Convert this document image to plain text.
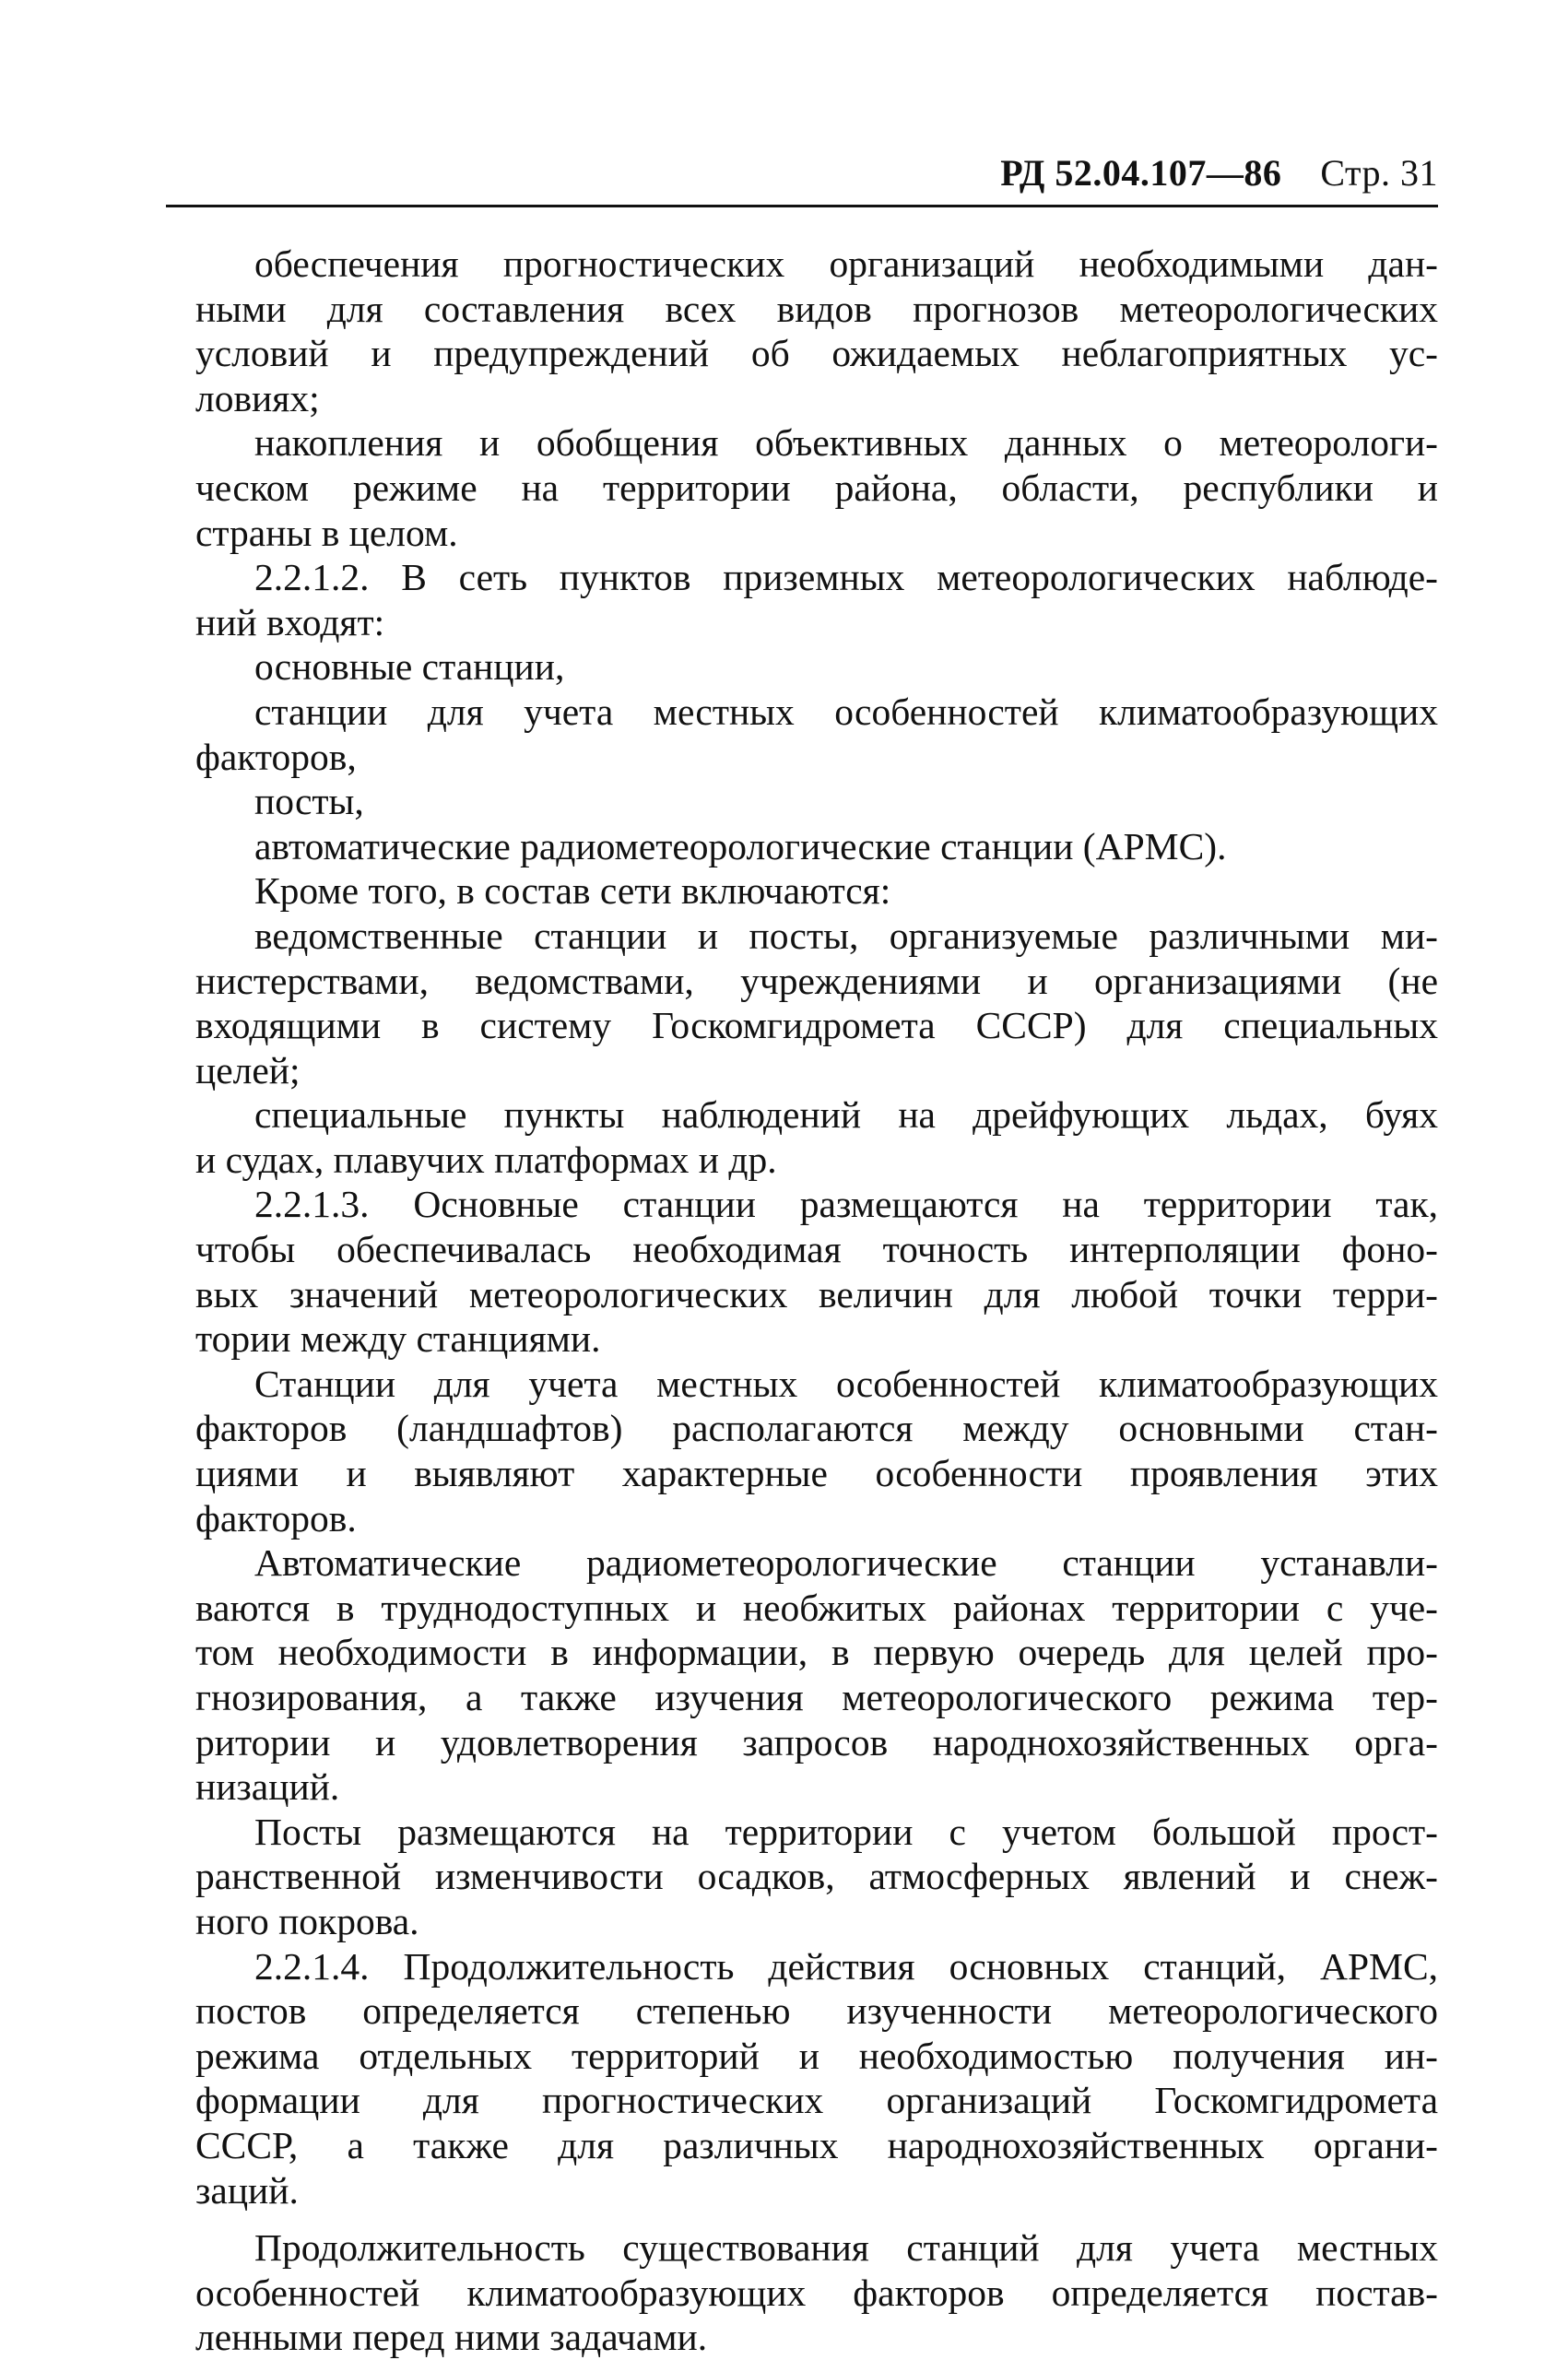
РД 52.04.107—86 Стр. 31
обеспечения прогностических организаций необходимыми дан-
ными для составления всех видов прогнозов метеорологических
условий и предупреждений об ожидаемых неблагоприятных ус-
ловиях;
накопления и обобщения объективных данных о метеорологи-
ческом режиме на территории района, области, республики и
страны в целом.
2.2.1.2. В сеть пунктов приземных метеорологических наблюде-
ний входят:
основные станции,
станции для учета местных особенностей климатообразующих
факторов,
посты,
автоматические радиометеорологические станции (АРМС).
Кроме того, в состав сети включаются:
ведомственные станции и посты, организуемые различными ми-
нистерствами, ведомствами, учреждениями и организациями (не
входящими в систему Госкомгидромета СССР) для специальных
целей;
специальные пункты наблюдений на дрейфующих льдах, буях
и судах, плавучих платформах и др.
2.2.1.3. Основные станции размещаются на территории так,
чтобы обеспечивалась необходимая точность интерполяции фоно-
вых значений метеорологических величин для любой точки терри-
тории между станциями.
Станции для учета местных особенностей климатообразующих
факторов (ландшафтов) располагаются между основными стан-
циями и выявляют характерные особенности проявления этих
факторов.
Автоматические радиометеорологические станции устанавли-
ваются в труднодоступных и необжитых районах территории с уче-
том необходимости в информации, в первую очередь для целей про-
гнозирования, а также изучения метеорологического режима тер-
ритории и удовлетворения запросов народнохозяйственных орга-
низаций.
Посты размещаются на территории с учетом большой прост-
ранственной изменчивости осадков, атмосферных явлений и снеж-
ного покрова.
2.2.1.4. Продолжительность действия основных станций, АРМС,
постов определяется степенью изученности метеорологического
режима отдельных территорий и необходимостью получения ин-
формации для прогностических организаций Госкомгидромета
СССР, а также для различных народнохозяйственных органи-
заций.
Продолжительность существования станций для учета местных
особенностей климатообразующих факторов определяется постав-
ленными перед ними задачами.
